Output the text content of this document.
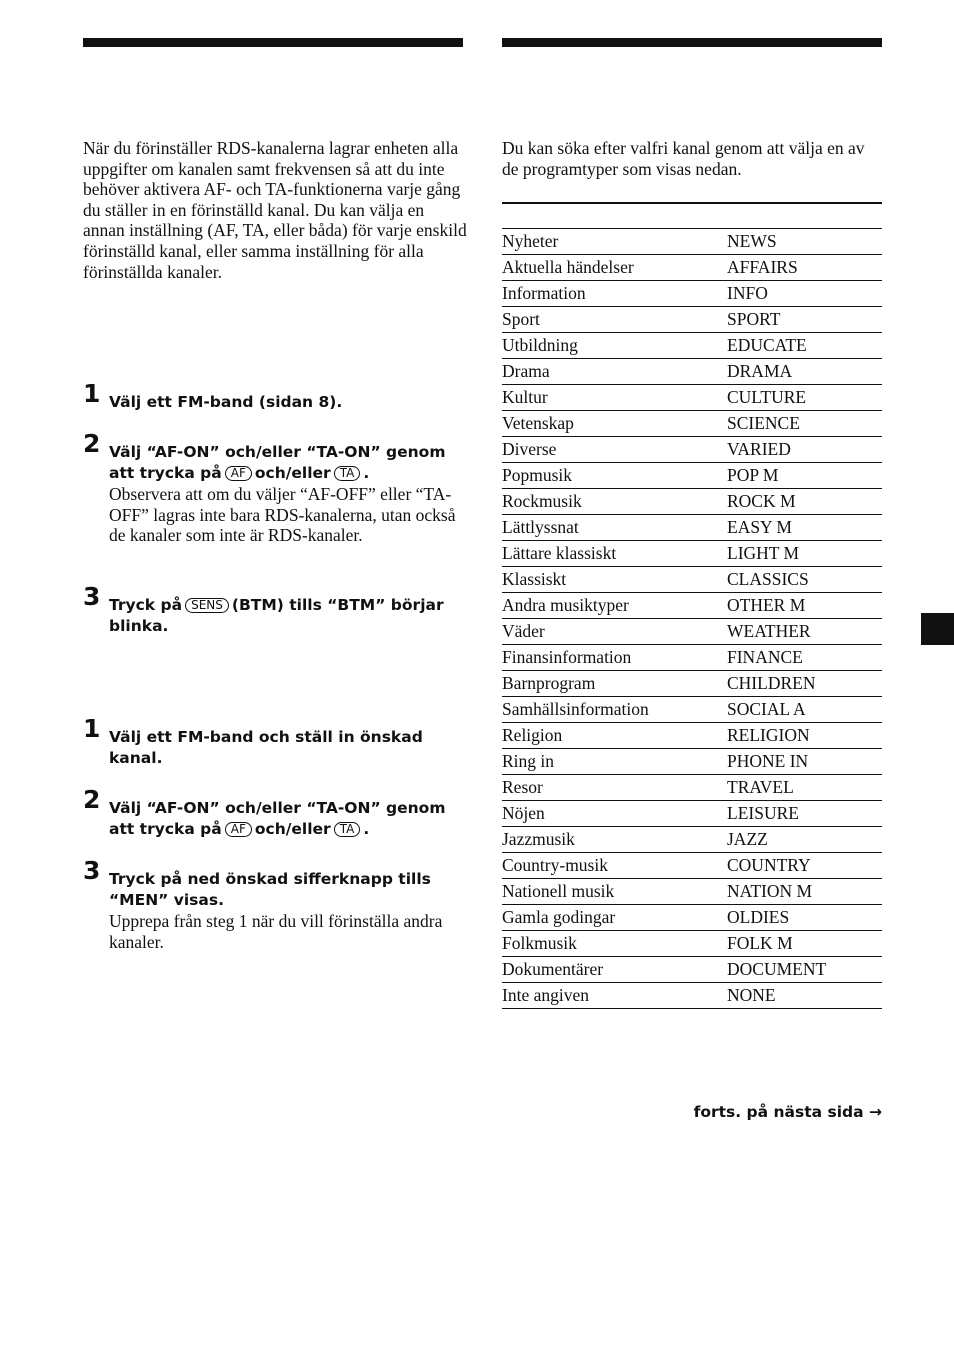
När du förinställer RDS-kanalerna lagrar enheten alla uppgifter om kanalen samt frekvensen så att du inte behöver aktivera AF- och TA-funktionerna varje gång du ställer in en förinställd kanal. Du kan välja en annan inställning (AF, TA, eller båda) för varje enskild förinställd kanal, eller samma inställning för alla förinställda kanaler.

1 Välj ett FM-band (sidan 8).
2 Välj “AF-ON” och/eller “TA-ON” genom att trycka på AF och/eller TA .
Observera att om du väljer “AF-OFF” eller “TA-OFF” lagras inte bara RDS-kanalerna, utan också de kanaler som inte är RDS-kanaler.
3 Tryck på SENS (BTM) tills “BTM” börjar blinka.
1 Välj ett FM-band och ställ in önskad kanal.
2 Välj “AF-ON” och/eller “TA-ON” genom att trycka på AF och/eller TA .
3 Tryck på ned önskad sifferknapp tills “MEN” visas.
Upprepa från steg 1 när du vill förinställa andra kanaler.

Du kan söka efter valfri kanal genom att välja en av de programtyper som visas nedan.

Nyheter	NEWS
Aktuella händelser	AFFAIRS
Information	INFO
Sport	SPORT
Utbildning	EDUCATE
Drama	DRAMA
Kultur	CULTURE
Vetenskap	SCIENCE
Diverse	VARIED
Popmusik	POP M
Rockmusik	ROCK M
Lättlyssnat	EASY M
Lättare klassiskt	LIGHT M
Klassiskt	CLASSICS
Andra musiktyper	OTHER M
Väder	WEATHER
Finansinformation	FINANCE
Barnprogram	CHILDREN
Samhällsinformation	SOCIAL A
Religion	RELIGION
Ring in	PHONE IN
Resor	TRAVEL
Nöjen	LEISURE
Jazzmusik	JAZZ
Country-musik	COUNTRY
Nationell musik	NATION M
Gamla godingar	OLDIES
Folkmusik	FOLK M
Dokumentärer	DOCUMENT
Inte angiven	NONE
forts. på nästa sida →
